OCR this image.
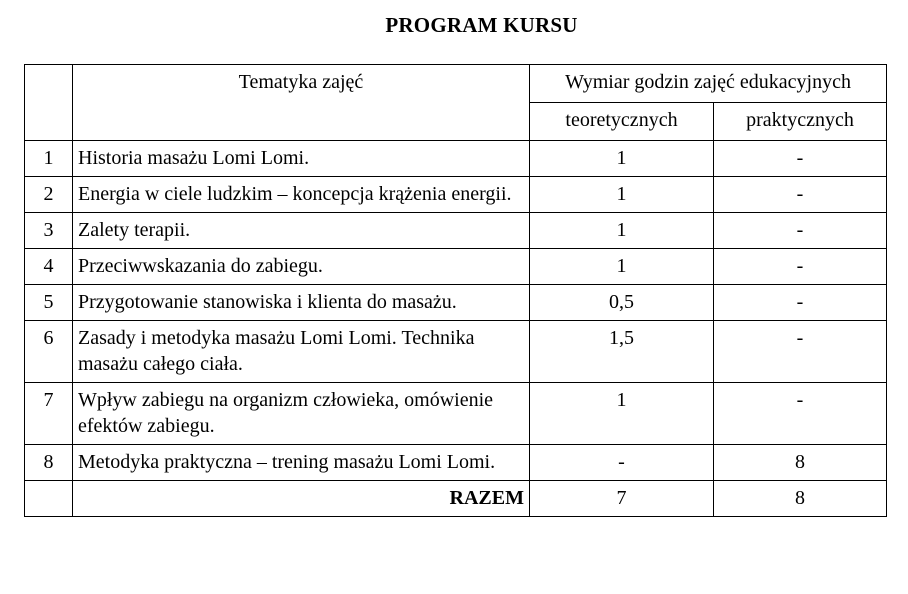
PROGRAM KURSU
	Tematyka zajęć	Wymiar godzin zajęć edukacyjnych	
		teoretycznych	praktycznych
1	Historia masażu Lomi Lomi.	1	-
2	Energia w ciele ludzkim – koncepcja krążenia energii.	1	-
3	Zalety terapii.	1	-
4	Przeciwwskazania do zabiegu.	1	-
5	Przygotowanie stanowiska i klienta do masażu.	0,5	-
6	Zasady i metodyka masażu Lomi Lomi. Technika masażu całego ciała.	1,5	-
7	Wpływ zabiegu na organizm człowieka, omówienie efektów zabiegu.	1	-
8	Metodyka praktyczna – trening masażu Lomi Lomi.	-	8
	RAZEM	7	8
